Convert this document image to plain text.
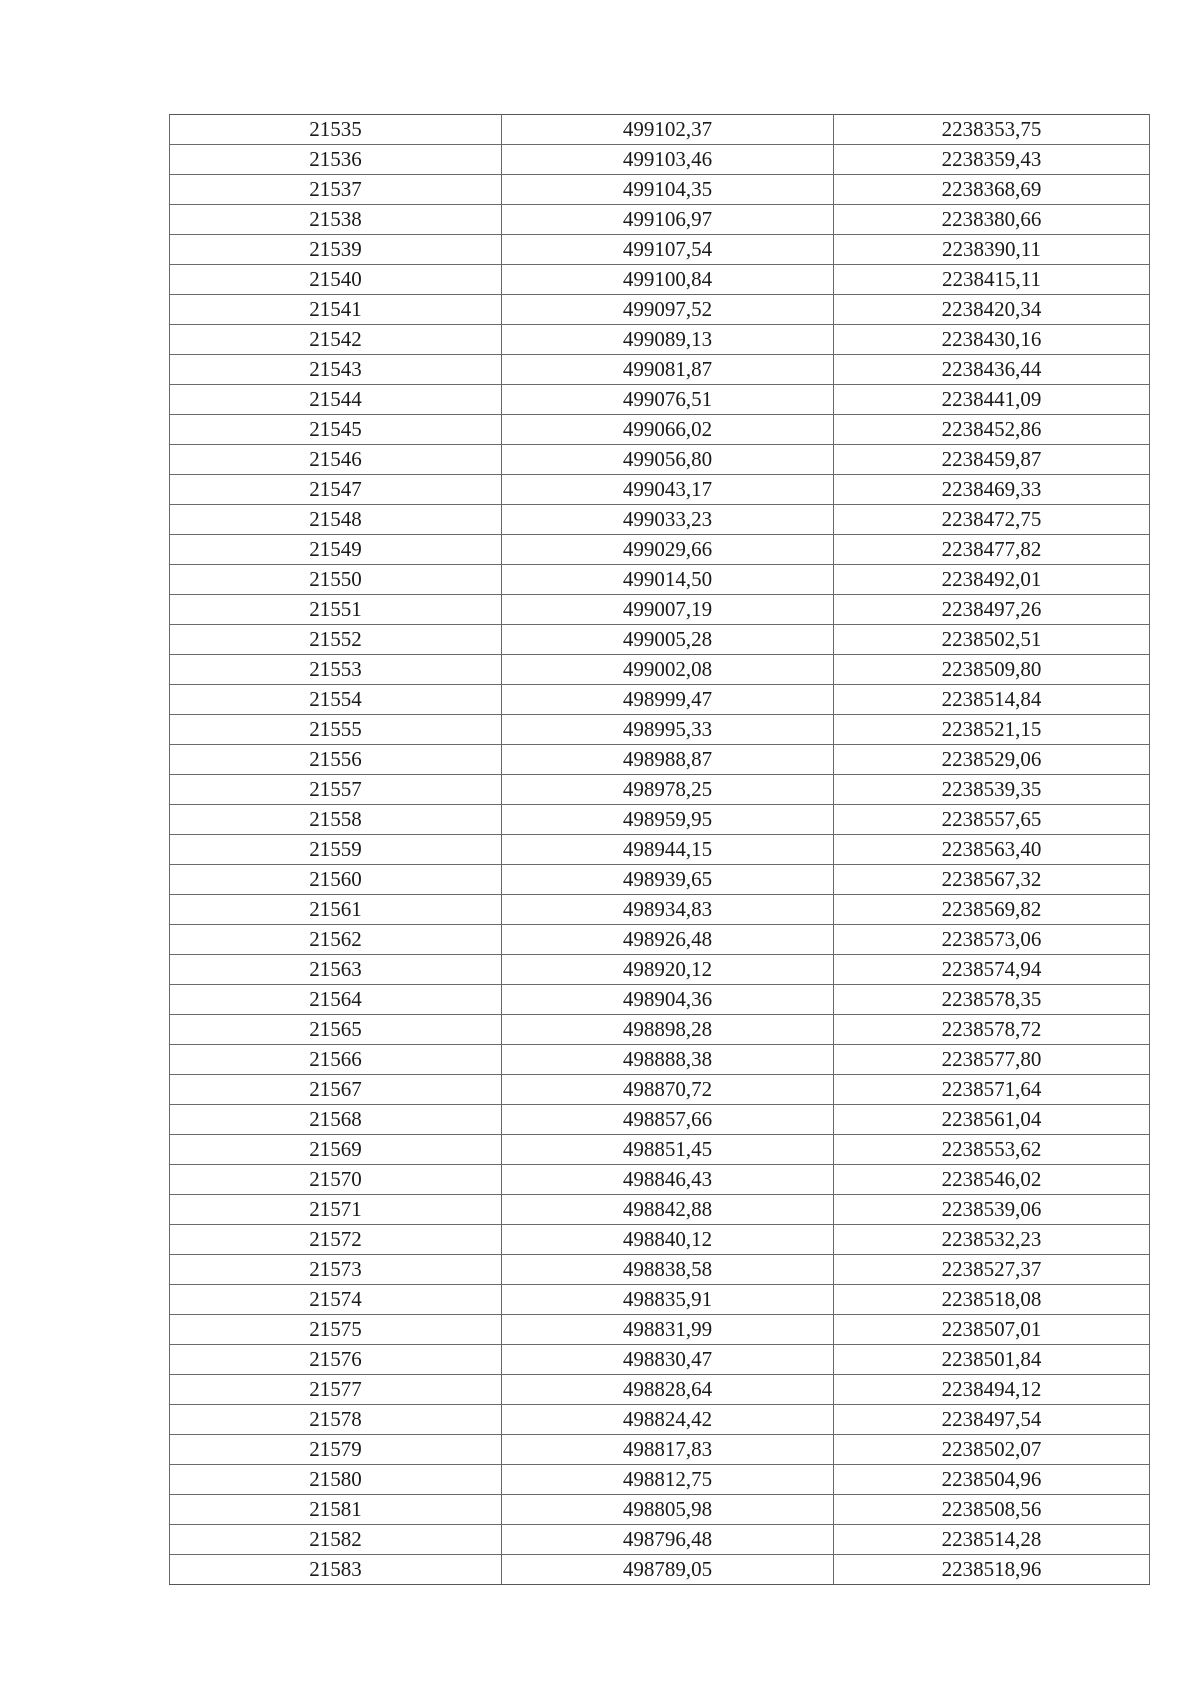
21535	499102,37	2238353,75
21536	499103,46	2238359,43
21537	499104,35	2238368,69
21538	499106,97	2238380,66
21539	499107,54	2238390,11
21540	499100,84	2238415,11
21541	499097,52	2238420,34
21542	499089,13	2238430,16
21543	499081,87	2238436,44
21544	499076,51	2238441,09
21545	499066,02	2238452,86
21546	499056,80	2238459,87
21547	499043,17	2238469,33
21548	499033,23	2238472,75
21549	499029,66	2238477,82
21550	499014,50	2238492,01
21551	499007,19	2238497,26
21552	499005,28	2238502,51
21553	499002,08	2238509,80
21554	498999,47	2238514,84
21555	498995,33	2238521,15
21556	498988,87	2238529,06
21557	498978,25	2238539,35
21558	498959,95	2238557,65
21559	498944,15	2238563,40
21560	498939,65	2238567,32
21561	498934,83	2238569,82
21562	498926,48	2238573,06
21563	498920,12	2238574,94
21564	498904,36	2238578,35
21565	498898,28	2238578,72
21566	498888,38	2238577,80
21567	498870,72	2238571,64
21568	498857,66	2238561,04
21569	498851,45	2238553,62
21570	498846,43	2238546,02
21571	498842,88	2238539,06
21572	498840,12	2238532,23
21573	498838,58	2238527,37
21574	498835,91	2238518,08
21575	498831,99	2238507,01
21576	498830,47	2238501,84
21577	498828,64	2238494,12
21578	498824,42	2238497,54
21579	498817,83	2238502,07
21580	498812,75	2238504,96
21581	498805,98	2238508,56
21582	498796,48	2238514,28
21583	498789,05	2238518,96
